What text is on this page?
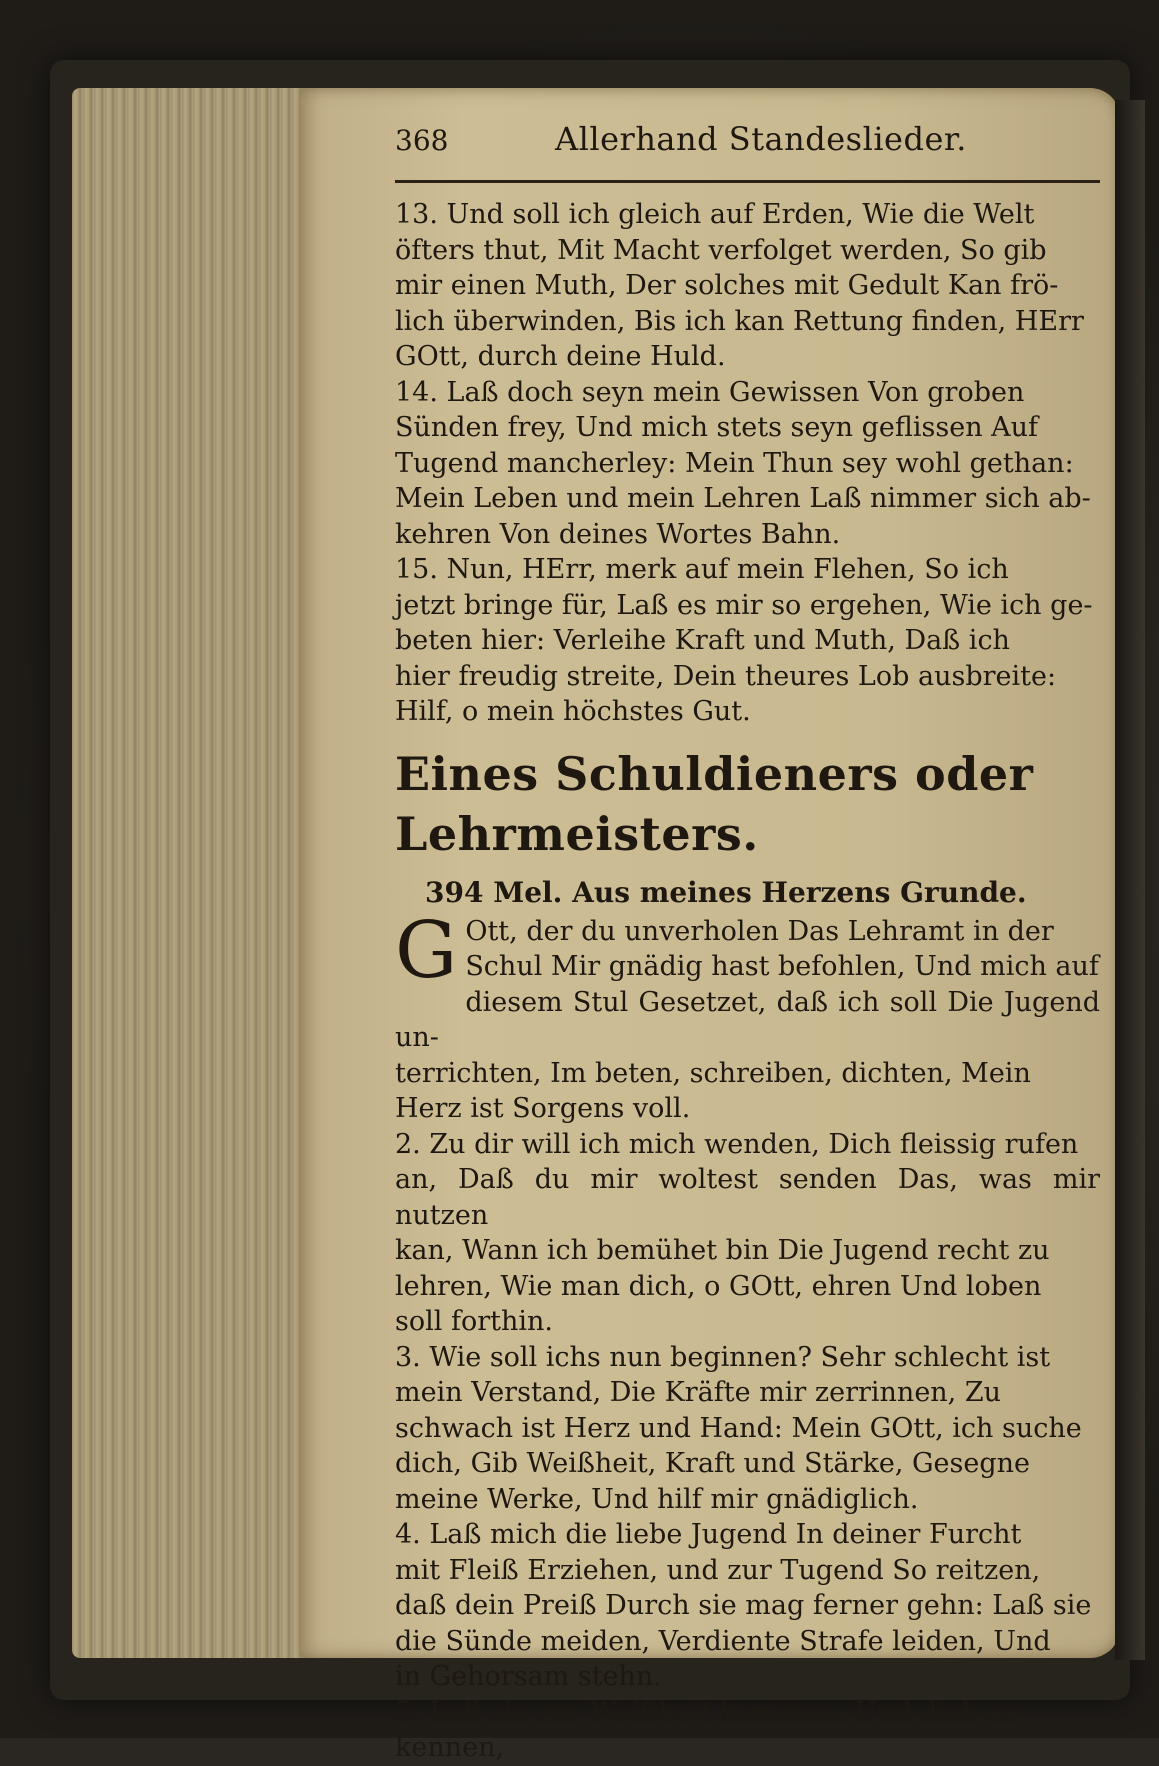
368	Allerhand Standeslieder.

13. Und soll ich gleich auf Erden, Wie die Welt
öfters thut, Mit Macht verfolget werden, So gib
mir einen Muth, Der solches mit Gedult Kan frö-
lich überwinden, Bis ich kan Rettung finden, HErr
GOtt, durch deine Huld.

14. Laß doch seyn mein Gewissen Von groben
Sünden frey, Und mich stets seyn geflissen Auf
Tugend mancherley: Mein Thun sey wohl gethan:
Mein Leben und mein Lehren Laß nimmer sich ab-
kehren Von deines Wortes Bahn.

15. Nun, HErr, merk auf mein Flehen, So ich
jetzt bringe für, Laß es mir so ergehen, Wie ich ge-
beten hier: Verleihe Kraft und Muth, Daß ich
hier freudig streite, Dein theures Lob ausbreite:
Hilf, o mein höchstes Gut.

Eines Schuldieners oder Lehrmeisters.
394 Mel. Aus meines Herzens Grunde.
G Ott, der du unverholen Das Lehramt in der
Schul Mir gnädig hast befohlen, Und mich auf
diesem Stul Gesetzet, daß ich soll Die Jugend un-
terrichten, Im beten, schreiben, dichten, Mein
Herz ist Sorgens voll.

2. Zu dir will ich mich wenden, Dich fleissig rufen
an, Daß du mir woltest senden Das, was mir nutzen
kan, Wann ich bemühet bin Die Jugend recht zu
lehren, Wie man dich, o GOtt, ehren Und loben
soll forthin.

3. Wie soll ichs nun beginnen? Sehr schlecht ist
mein Verstand, Die Kräfte mir zerrinnen, Zu
schwach ist Herz und Hand: Mein GOtt, ich suche
dich, Gib Weißheit, Kraft und Stärke, Gesegne
meine Werke, Und hilf mir gnädiglich.

4. Laß mich die liebe Jugend In deiner Furcht
mit Fleiß Erziehen, und zur Tugend So reitzen,
daß dein Preiß Durch sie mag ferner gehn: Laß sie
die Sünde meiden, Verdiente Strafe leiden, Und
in Gehorsam stehn.

5. Laß sie zur Weißheit kommen, Und dich er-
kennen,
